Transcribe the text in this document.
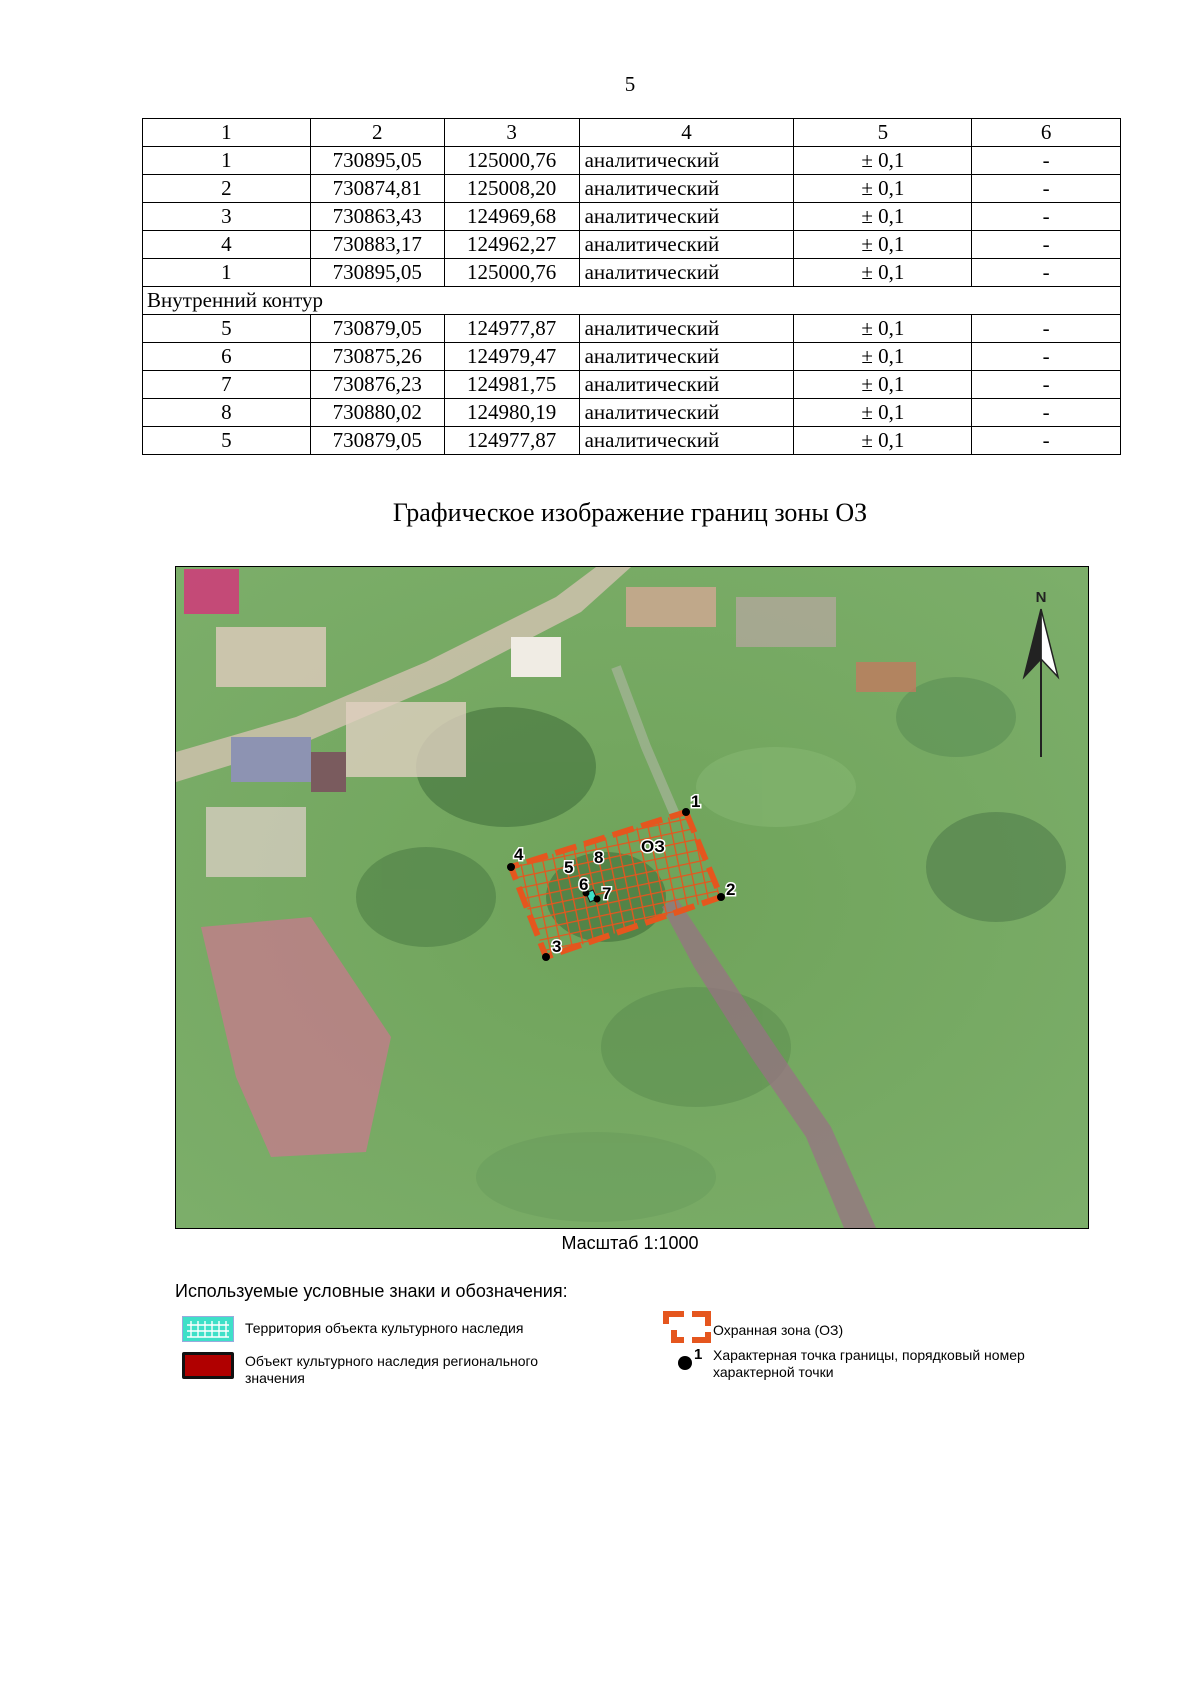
5
1	2	3	4	5	6
1	730895,05	125000,76	аналитический	± 0,1	-
2	730874,81	125008,20	аналитический	± 0,1	-
3	730863,43	124969,68	аналитический	± 0,1	-
4	730883,17	124962,27	аналитический	± 0,1	-
1	730895,05	125000,76	аналитический	± 0,1	-
Внутренний контур					
5	730879,05	124977,87	аналитический	± 0,1	-
6	730875,26	124979,47	аналитический	± 0,1	-
7	730876,23	124981,75	аналитический	± 0,1	-
8	730880,02	124980,19	аналитический	± 0,1	-
5	730879,05	124977,87	аналитический	± 0,1	-
Графическое изображение границ зоны ОЗ
1
2
3
4
5
6 7
8
ОЗ
N
Масштаб 1:1000
Используемые условные знаки и обозначения:
Территория объекта культурного наследия
Объект культурного наследия регионального
значения
Охранная зона (ОЗ)
1 Характерная точка границы, порядковый номер
характерной точки
